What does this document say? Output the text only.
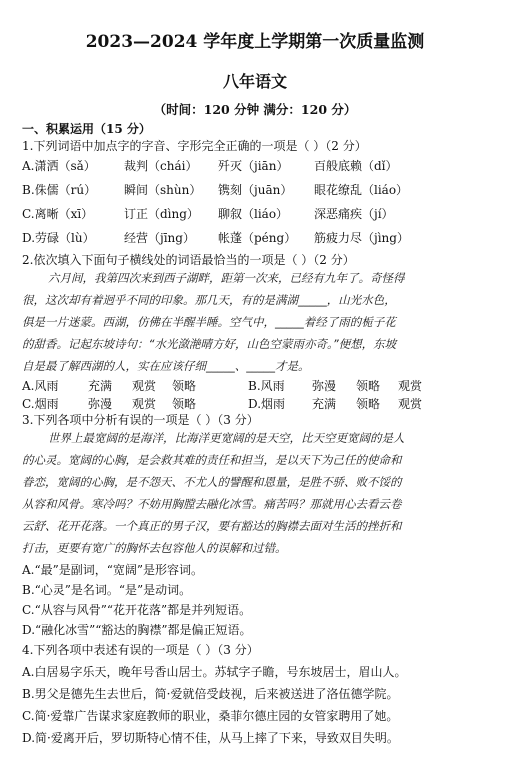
2023—2024 学年度上学期第一次质量监测
八年语文
（时间：120 分钟 满分：120 分）
一、积累运用（15 分）
1.下列词语中加点字的字音、字形完全正确的一项是（ ）（2 分）
A.潇洒（sǎ） 裁判（chái） 歼灭（jiān） 百般底赖（dǐ）
B.侏儒（rú） 瞬间（shùn） 镌刻（juān） 眼花缭乱（liáo）
C.离晰（xī）	订正（dìng） 聊叙（liáo） 深恶痛疾（jí）
D.劳碌（lù） 经营（jīng） 帐蓬（péng） 筋疲力尽（jìng）
2.依次填入下面句子横线处的词语最恰当的一项是（ ）（2 分）
六月间，我第四次来到西子湖畔，距第一次来，已经有九年了。奇怪得
很，这次却有着迥乎不同的印象。那几天，有的是满湖_____，山光水色，
俱是一片迷蒙。西湖，仿佛在半醒半睡。空气中，_____着经了雨的栀子花
的甜香。记起东坡诗句：“水光潋滟晴方好，山色空蒙雨亦奇。”便想，东坡
自是最了解西湖的人，实在应该仔细_____、_____才是。
A.风雨 充满 观赏 领略	B.风雨 弥漫 领略 观赏
C.烟雨 弥漫 观赏 领略	D.烟雨 充满 领略 观赏
3.下列各项中分析有误的一项是（ ）（3 分）
世界上最宽阔的是海洋，比海洋更宽阔的是天空，比天空更宽阔的是人
的心灵。宽阔的心胸，是会救其难的责任和担当，是以天下为己任的使命和
眷恋，宽阔的心胸，是不怨天、不尤人的譬醒和恩量，是胜不骄、败不馁的
从容和风骨。寒冷吗？不妨用胸膛去融化冰雪。痛苦吗？那就用心去看云卷
云舒、花开花落。一个真正的男子汉，要有豁达的胸襟去面对生活的挫折和
打击，更要有宽广的胸怀去包容他人的误解和过错。
A.“最”是副词，“宽阔”是形容词。
B.“心灵”是名词。“是”是动词。
C.“从容与风骨”“花开花落”都是并列短语。
D.“融化冰雪”“豁达的胸襟”都是偏正短语。
4.下列各项中表述有误的一项是（ ）（3 分）
A.白居易字乐天，晚年号香山居士。苏轼字子瞻，号东坡居士，眉山人。
B.男父是德先生去世后，简·爱就倍受歧视，后来被送进了洛伍德学院。
C.简·爱靠广告谋求家庭教师的职业，桑菲尔德庄园的女管家聘用了她。
D.简·爱离开后，罗切斯特心情不佳，从马上摔了下来，导致双目失明。
